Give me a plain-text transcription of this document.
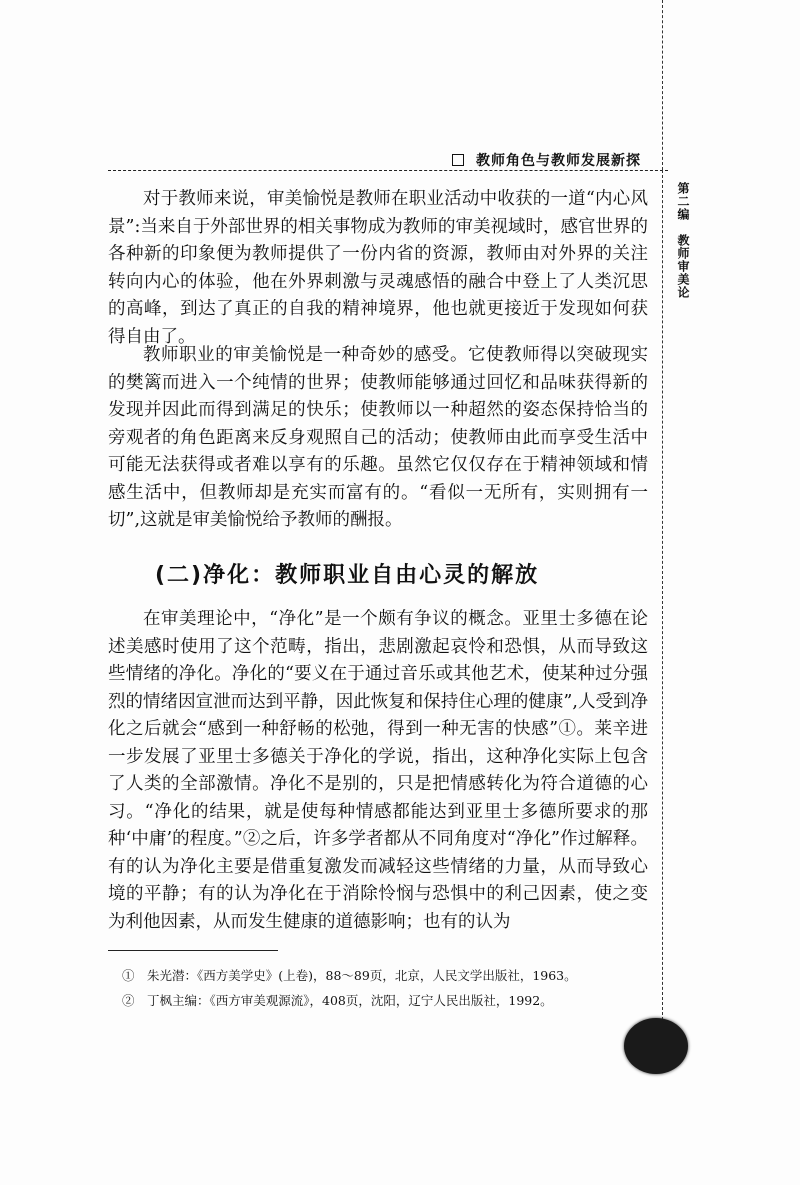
教师角色与教师发展新探
第二编　教师审美论

对于教师来说，审美愉悦是教师在职业活动中收获的一道“内心风景”:当来自于外部世界的相关事物成为教师的审美视域时，感官世界的各种新的印象便为教师提供了一份内省的资源，教师由对外界的关注转向内心的体验，他在外界刺激与灵魂感悟的融合中登上了人类沉思的高峰，到达了真正的自我的精神境界，他也就更接近于发现如何获得自由了。

教师职业的审美愉悦是一种奇妙的感受。它使教师得以突破现实的樊篱而进入一个纯情的世界；使教师能够通过回忆和品味获得新的发现并因此而得到满足的快乐；使教师以一种超然的姿态保持恰当的旁观者的角色距离来反身观照自己的活动；使教师由此而享受生活中可能无法获得或者难以享有的乐趣。虽然它仅仅存在于精神领域和情感生活中，但教师却是充实而富有的。“看似一无所有，实则拥有一切”,这就是审美愉悦给予教师的酬报。

(二)净化：教师职业自由心灵的解放

在审美理论中，“净化”是一个颇有争议的概念。亚里士多德在论述美感时使用了这个范畴，指出，悲剧激起哀怜和恐惧，从而导致这些情绪的净化。净化的“要义在于通过音乐或其他艺术，使某种过分强烈的情绪因宣泄而达到平静，因此恢复和保持住心理的健康”,人受到净化之后就会“感到一种舒畅的松弛，得到一种无害的快感”①。莱辛进一步发展了亚里士多德关于净化的学说，指出，这种净化实际上包含了人类的全部激情。净化不是别的，只是把情感转化为符合道德的心习。“净化的结果，就是使每种情感都能达到亚里士多德所要求的那种‘中庸’的程度。”②之后，许多学者都从不同角度对“净化”作过解释。有的认为净化主要是借重复激发而减轻这些情绪的力量，从而导致心境的平静；有的认为净化在于消除怜悯与恐惧中的利己因素，使之变为利他因素，从而发生健康的道德影响；也有的认为

①　朱光潜：《西方美学史》(上卷)，88～89页，北京，人民文学出版社，1963。
②　丁枫主编：《西方审美观源流》，408页，沈阳，辽宁人民出版社，1992。
